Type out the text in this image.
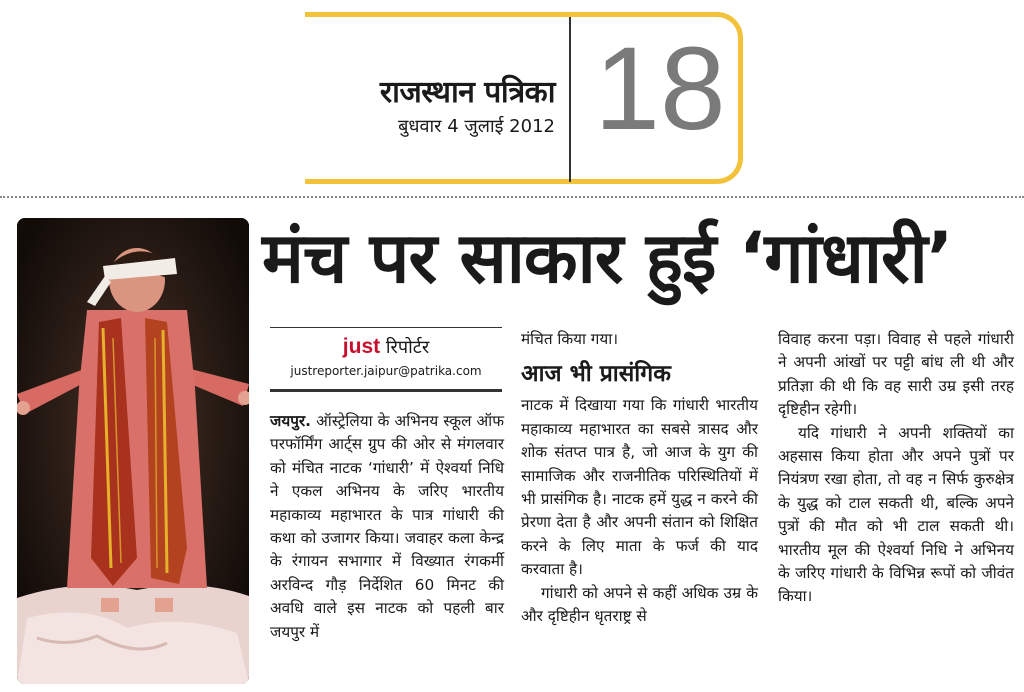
राजस्थान पत्रिका
बुधवार 4 जुलाई 2012 18
मंच पर साकार हुई ‘गांधारी’
just रिपोर्टर
justreporter.jaipur@patrika.com

जयपुर. ऑस्ट्रेलिया के अभिनय स्कूल ऑफ परफॉर्मिंग आर्ट्स ग्रुप की ओर से मंगलवार को मंचित नाटक ‘गांधारी’ में ऐश्वर्या निधि ने एकल अभिनय के जरिए भारतीय महाकाव्य महाभारत के पात्र गांधारी की कथा को उजागर किया। जवाहर कला केन्द्र के रंगायन सभागार में विख्यात रंगकर्मी अरविन्द गौड़ निर्देशित 60 मिनट की अवधि वाले इस नाटक को पहली बार जयपुर में

मंचित किया गया।

आज भी प्रासंगिक

नाटक में दिखाया गया कि गांधारी भारतीय महाकाव्य महाभारत का सबसे त्रासद और शोक संतप्त पात्र है, जो आज के युग की सामाजिक और राजनीतिक परिस्थितियों में भी प्रासंगिक है। नाटक हमें युद्ध न करने की प्रेरणा देता है और अपनी संतान को शिक्षित करने के लिए माता के फर्ज की याद करवाता है।

गांधारी को अपने से कहीं अधिक उम्र के और दृष्टिहीन धृतराष्ट्र से

विवाह करना पड़ा। विवाह से पहले गांधारी ने अपनी आंखों पर पट्टी बांध ली थी और प्रतिज्ञा की थी कि वह सारी उम्र इसी तरह दृष्टिहीन रहेगी।

यदि गांधारी ने अपनी शक्तियों का अहसास किया होता और अपने पुत्रों पर नियंत्रण रखा होता, तो वह न सिर्फ कुरुक्षेत्र के युद्ध को टाल सकती थी, बल्कि अपने पुत्रों की मौत को भी टाल सकती थी। भारतीय मूल की ऐश्वर्या निधि ने अभिनय के जरिए गांधारी के विभिन्न रूपों को जीवंत किया।
